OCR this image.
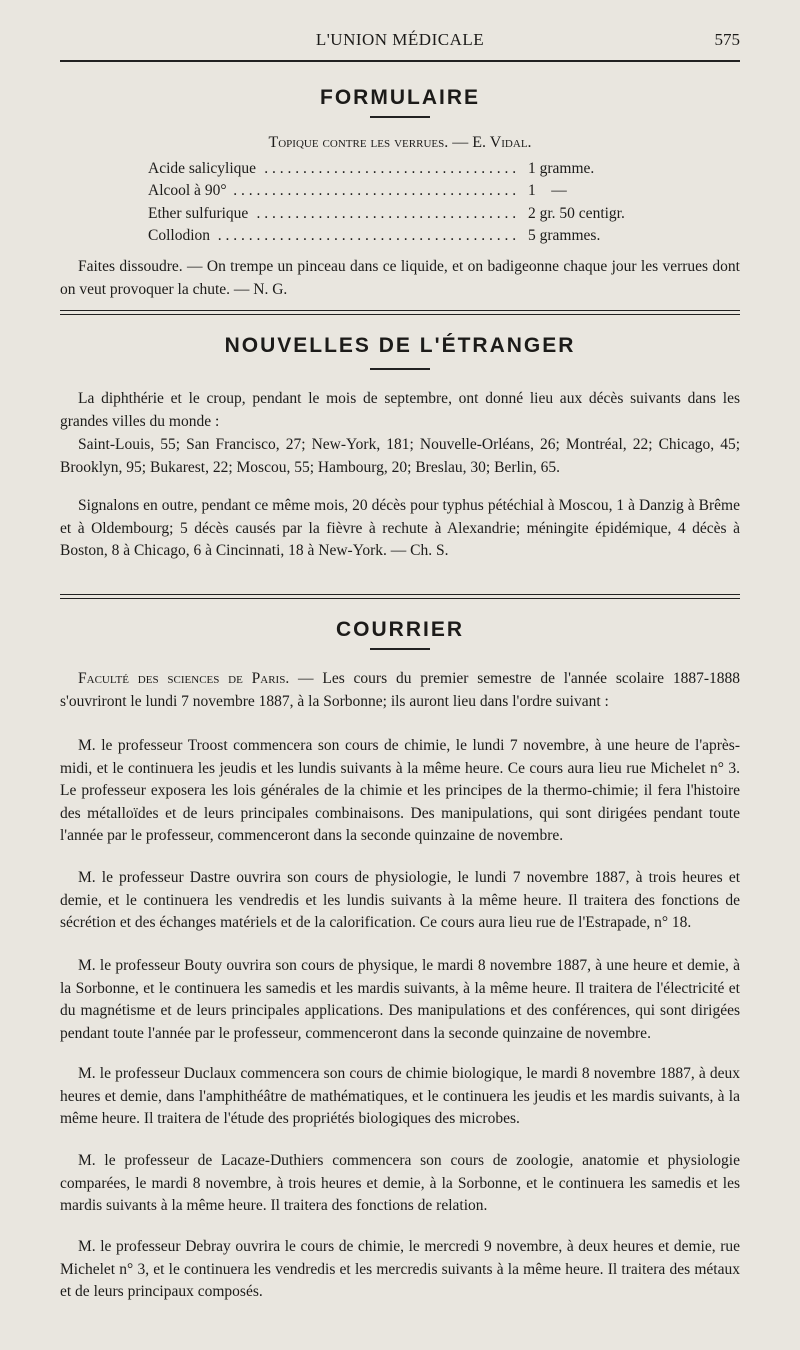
L'UNION MÉDICALE	575
FORMULAIRE
Topique contre les verrues. — E. Vidal.
. . .
Acide salicylique	1 gramme.
. . .
Alcool à 90°	1    —
. . .
Ether sulfurique	2 gr. 50 centigr.
. . .
Collodion	5 grammes.
Faites dissoudre. — On trempe un pinceau dans ce liquide, et on badigeonne chaque jour les verrues dont on veut provoquer la chute. — N. G.
NOUVELLES DE L'ÉTRANGER
La diphthérie et le croup, pendant le mois de septembre, ont donné lieu aux décès suivants dans les grandes villes du monde :
Saint-Louis, 55; San Francisco, 27; New-York, 181; Nouvelle-Orléans, 26; Montréal, 22; Chicago, 45; Brooklyn, 95; Bukarest, 22; Moscou, 55; Hambourg, 20; Breslau, 30; Berlin, 65.
Signalons en outre, pendant ce même mois, 20 décès pour typhus pétéchial à Moscou, 1 à Danzig à Brême et à Oldembourg; 5 décès causés par la fièvre à rechute à Alexandrie; méningite épidémique, 4 décès à Boston, 8 à Chicago, 6 à Cincinnati, 18 à New-York. — Ch. S.
COURRIER
Faculté des sciences de Paris. — Les cours du premier semestre de l'année scolaire 1887-1888 s'ouvriront le lundi 7 novembre 1887, à la Sorbonne; ils auront lieu dans l'ordre suivant :
M. le professeur Troost commencera son cours de chimie, le lundi 7 novembre, à une heure de l'après-midi, et le continuera les jeudis et les lundis suivants à la même heure. Ce cours aura lieu rue Michelet n° 3. Le professeur exposera les lois générales de la chimie et les principes de la thermo-chimie; il fera l'histoire des métalloïdes et de leurs principales combinaisons. Des manipulations, qui sont dirigées pendant toute l'année par le professeur, commenceront dans la seconde quinzaine de novembre.
M. le professeur Dastre ouvrira son cours de physiologie, le lundi 7 novembre 1887, à trois heures et demie, et le continuera les vendredis et les lundis suivants à la même heure. Il traitera des fonctions de sécrétion et des échanges matériels et de la calorification. Ce cours aura lieu rue de l'Estrapade, n° 18.
M. le professeur Bouty ouvrira son cours de physique, le mardi 8 novembre 1887, à une heure et demie, à la Sorbonne, et le continuera les samedis et les mardis suivants, à la même heure. Il traitera de l'électricité et du magnétisme et de leurs principales applications. Des manipulations et des conférences, qui sont dirigées pendant toute l'année par le professeur, commenceront dans la seconde quinzaine de novembre.
M. le professeur Duclaux commencera son cours de chimie biologique, le mardi 8 novembre 1887, à deux heures et demie, dans l'amphithéâtre de mathématiques, et le continuera les jeudis et les mardis suivants, à la même heure. Il traitera de l'étude des propriétés biologiques des microbes.
M. le professeur de Lacaze-Duthiers commencera son cours de zoologie, anatomie et physiologie comparées, le mardi 8 novembre, à trois heures et demie, à la Sorbonne, et le continuera les samedis et les mardis suivants à la même heure. Il traitera des fonctions de relation.
M. le professeur Debray ouvrira le cours de chimie, le mercredi 9 novembre, à deux heures et demie, rue Michelet n° 3, et le continuera les vendredis et les mercredis suivants à la même heure. Il traitera des métaux et de leurs principaux composés.
